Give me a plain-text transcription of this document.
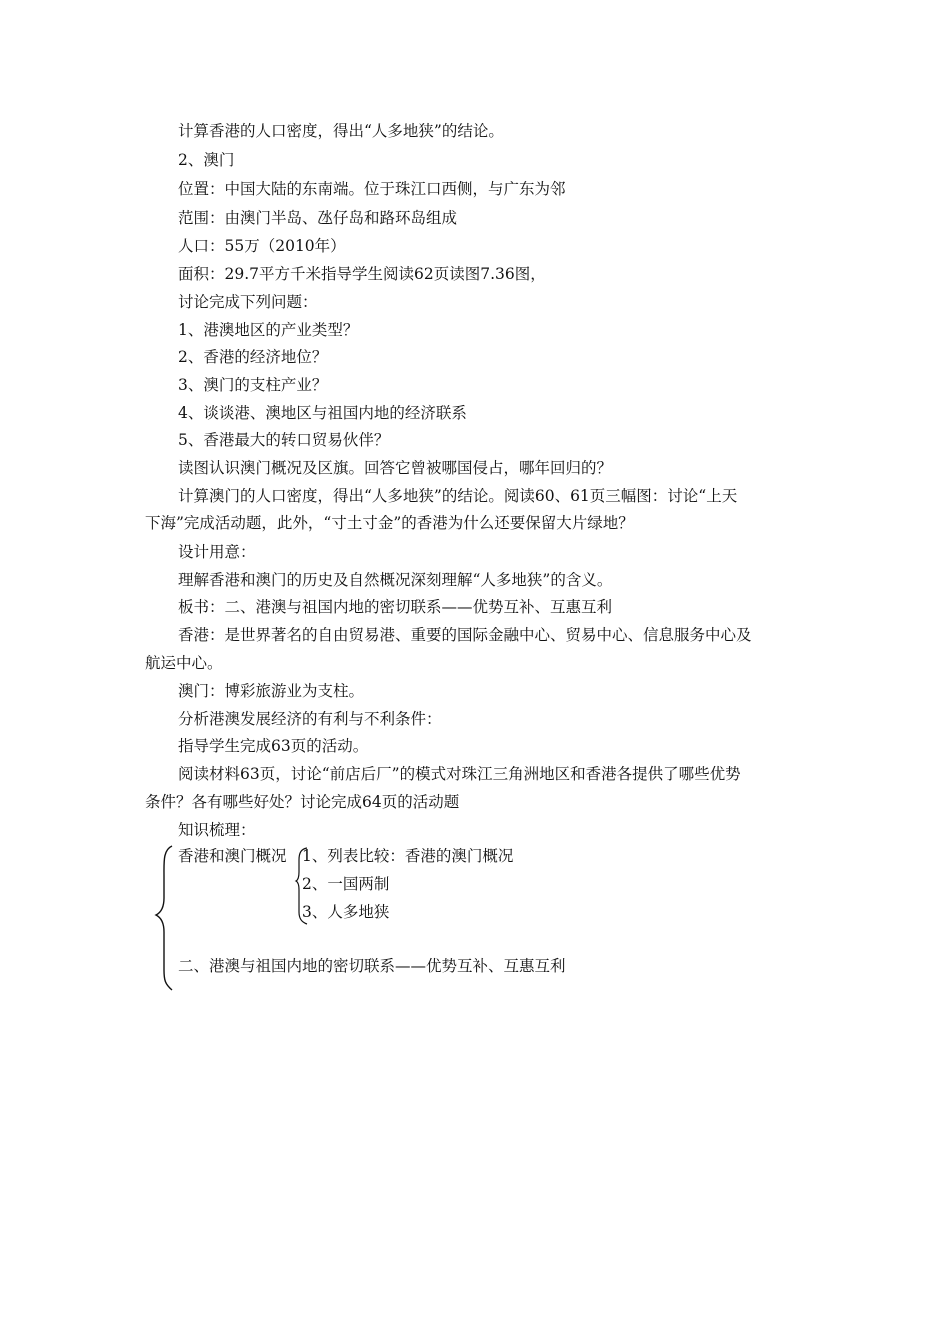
计算香港的人口密度，得出“人多地狭”的结论。
2、澳门
位置：中国大陆的东南端。位于珠江口西侧，与广东为邻
范围：由澳门半岛、氹仔岛和路环岛组成
人口：55万（2010年）
面积：29.7平方千米指导学生阅读62页读图7.36图，
讨论完成下列问题：
1、港澳地区的产业类型？
2、香港的经济地位？
3、澳门的支柱产业？
4、谈谈港、澳地区与祖国内地的经济联系
5、香港最大的转口贸易伙伴？
读图认识澳门概况及区旗。回答它曾被哪国侵占，哪年回归的？
计算澳门的人口密度，得出“人多地狭”的结论。阅读60、61页三幅图：讨论“上天
下海”完成活动题，此外，“寸土寸金”的香港为什么还要保留大片绿地？
设计用意：
理解香港和澳门的历史及自然概况深刻理解“人多地狭”的含义。
板书：二、港澳与祖国内地的密切联系——优势互补、互惠互利
香港：是世界著名的自由贸易港、重要的国际金融中心、贸易中心、信息服务中心及
航运中心。
澳门：博彩旅游业为支柱。
分析港澳发展经济的有利与不利条件：
指导学生完成63页的活动。
阅读材料63页，讨论“前店后厂”的模式对珠江三角洲地区和香港各提供了哪些优势
条件？各有哪些好处？讨论完成64页的活动题
知识梳理：
香港和澳门概况 1、列表比较：香港的澳门概况
2、一国两制
3、人多地狭
二、港澳与祖国内地的密切联系——优势互补、互惠互利
